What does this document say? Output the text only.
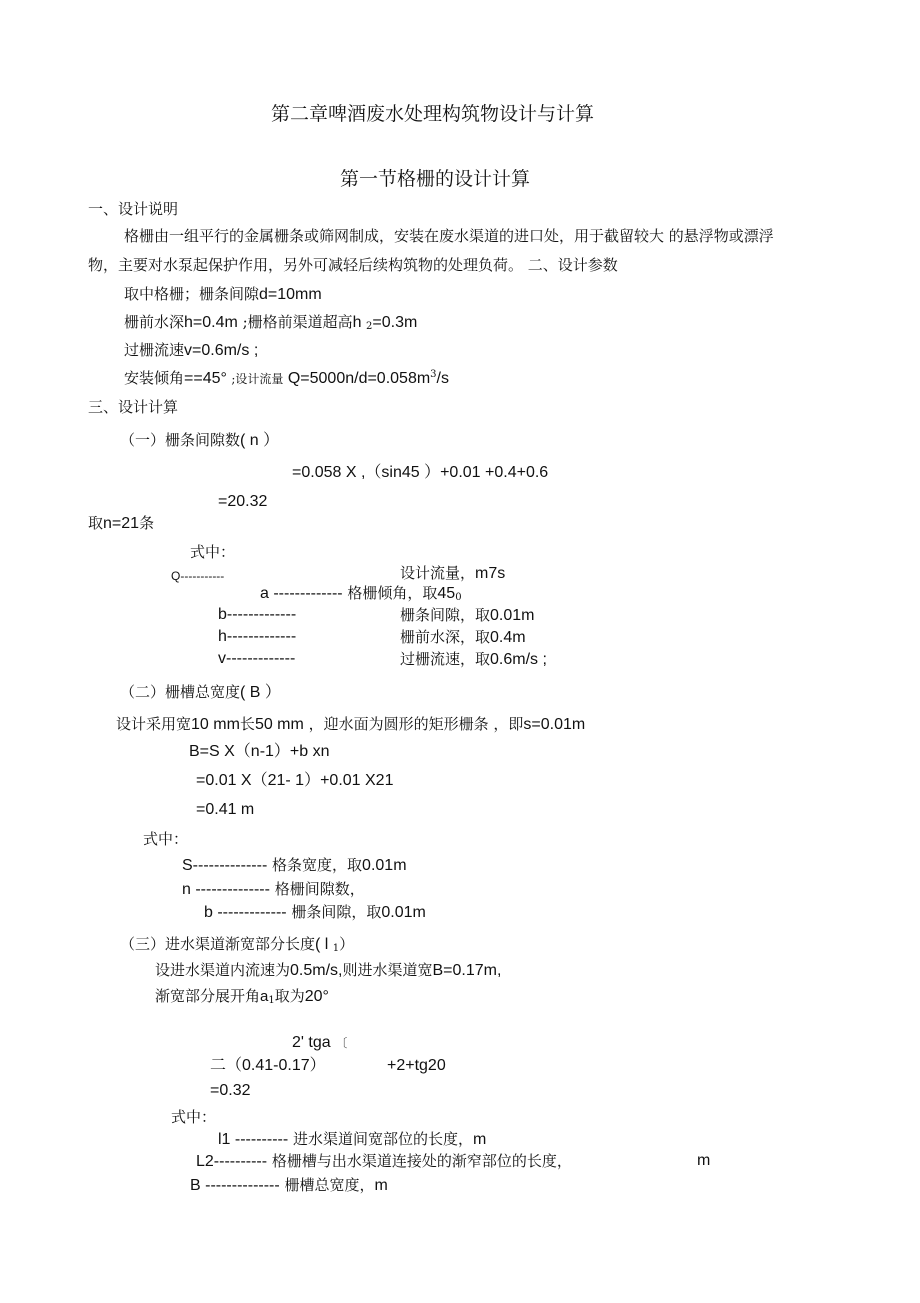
第二章啤酒废水处理构筑物设计与计算
第一节格栅的设计计算
一、设计说明
格栅由一组平行的金属栅条或筛网制成，安装在废水渠道的进口处，用于截留较大 的悬浮物或漂浮
物，主要对水泵起保护作用，另外可减轻后续构筑物的处理负荷。 二、设计参数
取中格栅；栅条间隙d=10mm
栅前水深h=0.4m ;栅格前渠道超高h $_2$=0.3m
过栅流速v=0.6m/s ;
安装倾角==45° ;设计流量 $Q=5000n/d=0.058m^3/s$
三、设计计算
（一）栅条间隙数( n ）
=0.058 X ,（sin45 ）+0.01 +0.4+0.6
=20.32
取n=21条
式中：
Q-----------	设计流量，m7s
a ------------- 格栅倾角，取$45_0$
b-------------	栅条间隙，取0.01m
h-------------	栅前水深，取0.4m
v-------------	过栅流速，取0.6m/s ;
（二）栅槽总宽度( B ）
设计采用宽10 mm长50 mm ，迎水面为圆形的矩形栅条 ，即s=0.01m
B=S X（n-1）+b xn
=0.01 X（21- 1）+0.01 X21
=0.41 m
式中：
S-------------- 格条宽度，取0.01m
n -------------- 格栅间隙数，
b ------------- 栅条间隙，取0.01m
（三）进水渠道渐宽部分长度( l $_1$）
设进水渠道内流速为0.5m/s,则进水渠道宽B=0.17m,
渐宽部分展开角$a_1$取为20°
2' tga 〔
二（0.41-0.17）	+2+tg20
=0.32
式中：
l1 ---------- 进水渠道间宽部位的长度，m
L2---------- 格栅槽与出水渠道连接处的渐窄部位的长度，	m
B -------------- 栅槽总宽度，m
